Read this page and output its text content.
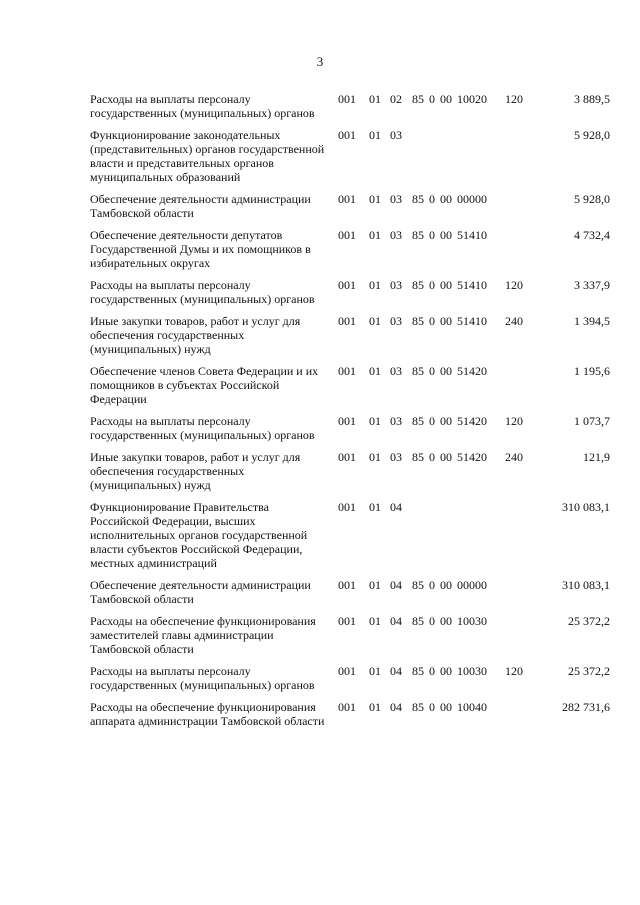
3
Расходы на выплаты персоналу государственных (муниципальных) органов
001 01 02 85 0 00 10020 120	3 889,5
Функционирование законодательных (представительных) органов государственной власти и представительных органов муниципальных образований
001 01 03	5 928,0
Обеспечение деятельности администрации Тамбовской области
001 01 03 85 0 00 00000	5 928,0
Обеспечение деятельности депутатов Государственной Думы и их помощников в избирательных округах
001 01 03 85 0 00 51410	4 732,4
Расходы на выплаты персоналу государственных (муниципальных) органов
001 01 03 85 0 00 51410 120	3 337,9
Иные закупки товаров, работ и услуг для обеспечения государственных (муниципальных) нужд
001 01 03 85 0 00 51410 240	1 394,5
Обеспечение членов Совета Федерации и их помощников в субъектах Российской Федерации
001 01 03 85 0 00 51420	1 195,6
Расходы на выплаты персоналу государственных (муниципальных) органов
001 01 03 85 0 00 51420 120	1 073,7
Иные закупки товаров, работ и услуг для обеспечения государственных (муниципальных) нужд
001 01 03 85 0 00 51420 240	121,9
Функционирование Правительства Российской Федерации, высших исполнительных органов государственной власти субъектов Российской Федерации, местных администраций
001 01 04	310 083,1
Обеспечение деятельности администрации Тамбовской области
001 01 04 85 0 00 00000	310 083,1
Расходы на обеспечение функционирования заместителей главы администрации Тамбовской области
001 01 04 85 0 00 10030	25 372,2
Расходы на выплаты персоналу государственных (муниципальных) органов
001 01 04 85 0 00 10030 120	25 372,2
Расходы на обеспечение функционирования аппарата администрации Тамбовской области
001 01 04 85 0 00 10040	282 731,6
